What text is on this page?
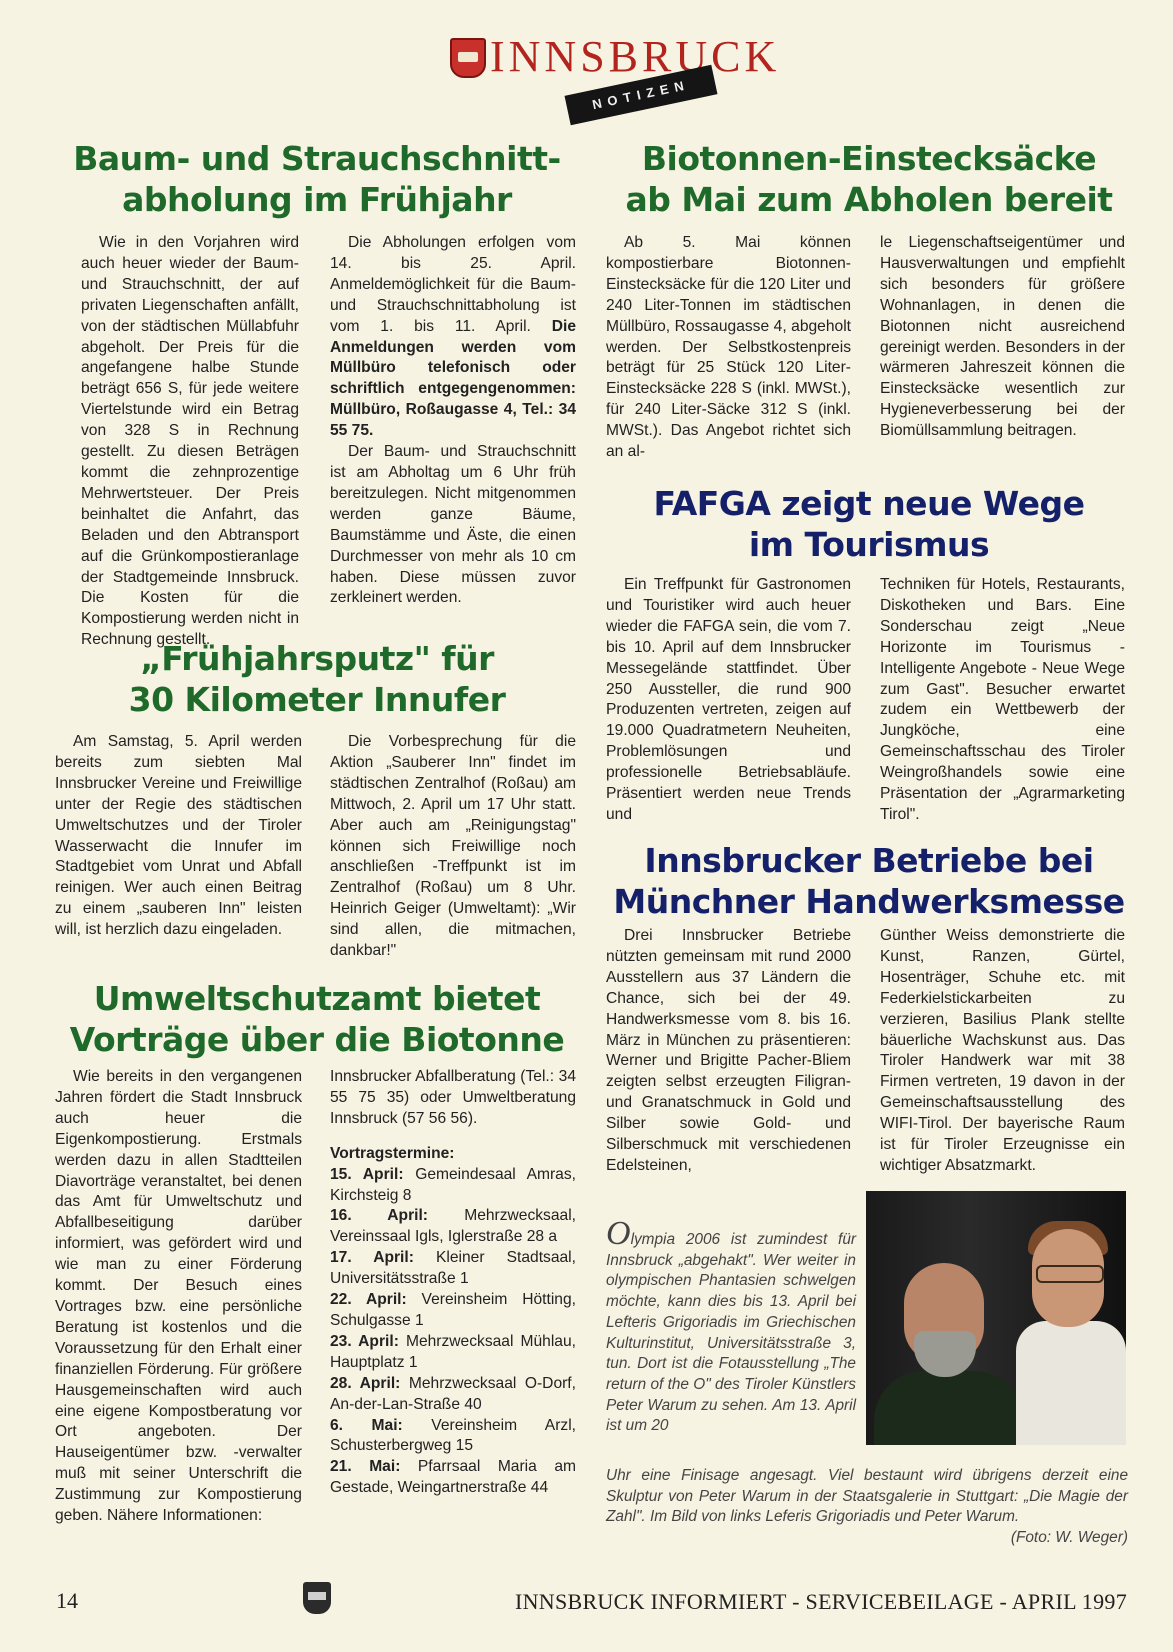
INNSBRUCK
NOTIZEN
Baum- und Strauchschnitt-
abholung im Frühjahr

Wie in den Vorjahren wird auch heuer wieder der Baum- und Strauchschnitt, der auf privaten Liegenschaften anfällt, von der städtischen Müllabfuhr abgeholt. Der Preis für die angefangene halbe Stunde beträgt 656 S, für jede weitere Viertelstunde wird ein Betrag von 328 S in Rechnung gestellt. Zu diesen Beträgen kommt die zehnprozentige Mehrwertsteuer. Der Preis beinhaltet die Anfahrt, das Beladen und den Abtransport auf die Grünkompostieranlage der Stadtgemeinde Innsbruck. Die Kosten für die Kompostierung werden nicht in Rechnung gestellt.

Die Abholungen erfolgen vom 14. bis 25. April. Anmeldemöglichkeit für die Baum- und Strauchschnittabholung ist vom 1. bis 11. April. Die Anmeldungen werden vom Müllbüro telefonisch oder schriftlich entgegengenommen: Müllbüro, Roßaugasse 4, Tel.: 34 55 75.

Der Baum- und Strauchschnitt ist am Abholtag um 6 Uhr früh bereitzulegen. Nicht mitgenommen werden ganze Bäume, Baumstämme und Äste, die einen Durchmesser von mehr als 10 cm haben. Diese müssen zuvor zerkleinert werden.

Biotonnen-Einstecksäcke
ab Mai zum Abholen bereit

Ab 5. Mai können kompostierbare Biotonnen-Einstecksäcke für die 120 Liter und 240 Liter-Tonnen im städtischen Müllbüro, Rossaugasse 4, abgeholt werden. Der Selbstkostenpreis beträgt für 25 Stück 120 Liter-Einstecksäcke 228 S (inkl. MWSt.), für 240 Liter-Säcke 312 S (inkl. MWSt.). Das Angebot richtet sich an al-

le Liegenschaftseigentümer und Hausverwaltungen und empfiehlt sich besonders für größere Wohnanlagen, in denen die Biotonnen nicht ausreichend gereinigt werden. Besonders in der wärmeren Jahreszeit können die Einstecksäcke wesentlich zur Hygieneverbesserung bei der Biomüllsammlung beitragen.

FAFGA zeigt neue Wege
im Tourismus

Ein Treffpunkt für Gastronomen und Touristiker wird auch heuer wieder die FAFGA sein, die vom 7. bis 10. April auf dem Innsbrucker Messegelände stattfindet. Über 250 Aussteller, die rund 900 Produzenten vertreten, zeigen auf 19.000 Quadratmetern Neuheiten, Problemlösungen und professionelle Betriebsabläufe. Präsentiert werden neue Trends und

Techniken für Hotels, Restaurants, Diskotheken und Bars. Eine Sonderschau zeigt „Neue Horizonte im Tourismus - Intelligente Angebote - Neue Wege zum Gast". Besucher erwartet zudem ein Wettbewerb der Jungköche, eine Gemeinschaftsschau des Tiroler Weingroßhandels sowie eine Präsentation der „Agrarmarketing Tirol".

„Frühjahrsputz" für
30 Kilometer Innufer

Am Samstag, 5. April werden bereits zum siebten Mal Innsbrucker Vereine und Freiwillige unter der Regie des städtischen Umweltschutzes und der Tiroler Wasserwacht die Innufer im Stadtgebiet vom Unrat und Abfall reinigen. Wer auch einen Beitrag zu einem „sauberen Inn" leisten will, ist herzlich dazu eingeladen.

Die Vorbesprechung für die Aktion „Sauberer Inn" findet im städtischen Zentralhof (Roßau) am Mittwoch, 2. April um 17 Uhr statt. Aber auch am „Reinigungstag" können sich Freiwillige noch anschließen -Treffpunkt ist im Zentralhof (Roßau) um 8 Uhr. Heinrich Geiger (Umweltamt): „Wir sind allen, die mitmachen, dankbar!"

Innsbrucker Betriebe bei
Münchner Handwerksmesse

Drei Innsbrucker Betriebe nützten gemeinsam mit rund 2000 Ausstellern aus 37 Ländern die Chance, sich bei der 49. Handwerksmesse vom 8. bis 16. März in München zu präsentieren: Werner und Brigitte Pacher-Bliem zeigten selbst erzeugten Filigran- und Granatschmuck in Gold und Silber sowie Gold- und Silberschmuck mit verschiedenen Edelsteinen,

Günther Weiss demonstrierte die Kunst, Ranzen, Gürtel, Hosenträger, Schuhe etc. mit Federkielstickarbeiten zu verzieren, Basilius Plank stellte bäuerliche Wachskunst aus. Das Tiroler Handwerk war mit 38 Firmen vertreten, 19 davon in der Gemeinschaftsausstellung des WIFI-Tirol. Der bayerische Raum ist für Tiroler Erzeugnisse ein wichtiger Absatzmarkt.

Umweltschutzamt bietet
Vorträge über die Biotonne

Wie bereits in den vergangenen Jahren fördert die Stadt Innsbruck auch heuer die Eigenkompostierung. Erstmals werden dazu in allen Stadtteilen Diavorträge veranstaltet, bei denen das Amt für Umweltschutz und Abfallbeseitigung darüber informiert, was gefördert wird und wie man zu einer Förderung kommt. Der Besuch eines Vortrages bzw. eine persönliche Beratung ist kostenlos und die Voraussetzung für den Erhalt einer finanziellen Förderung. Für größere Hausgemeinschaften wird auch eine eigene Kompostberatung vor Ort angeboten. Der Hauseigentümer bzw. -verwalter muß mit seiner Unterschrift die Zustimmung zur Kompostierung geben. Nähere Informationen:

Innsbrucker Abfallberatung (Tel.: 34 55 75 35) oder Umweltberatung Innsbruck (57 56 56).

Vortragstermine:

15. April: Gemeindesaal Amras, Kirchsteig 8

16. April: Mehrzwecksaal, Vereinssaal Igls, Iglerstraße 28 a

17. April: Kleiner Stadtsaal, Universitätsstraße 1

22. April: Vereinsheim Hötting, Schulgasse 1

23. April: Mehrzwecksaal Mühlau, Hauptplatz 1

28. April: Mehrzwecksaal O-Dorf, An-der-Lan-Straße 40

6. Mai: Vereinsheim Arzl, Schusterbergweg 15

21. Mai: Pfarrsaal Maria am Gestade, Weingartnerstraße 44

Olympia 2006 ist zumindest für Innsbruck „abgehakt". Wer weiter in olympischen Phantasien schwelgen möchte, kann dies bis 13. April bei Lefteris Grigoriadis im Griechischen Kulturinstitut, Universitätsstraße 3, tun. Dort ist die Fotausstellung „The return of the O" des Tiroler Künstlers Peter Warum zu sehen. Am 13. April ist um 20
Uhr eine Finisage angesagt. Viel bestaunt wird übrigens derzeit eine Skulptur von Peter Warum in der Staatsgalerie in Stuttgart: „Die Magie der Zahl". Im Bild von links Leferis Grigoriadis und Peter Warum.
(Foto: W. Weger)
14	INNSBRUCK INFORMIERT - SERVICEBEILAGE - APRIL 1997
